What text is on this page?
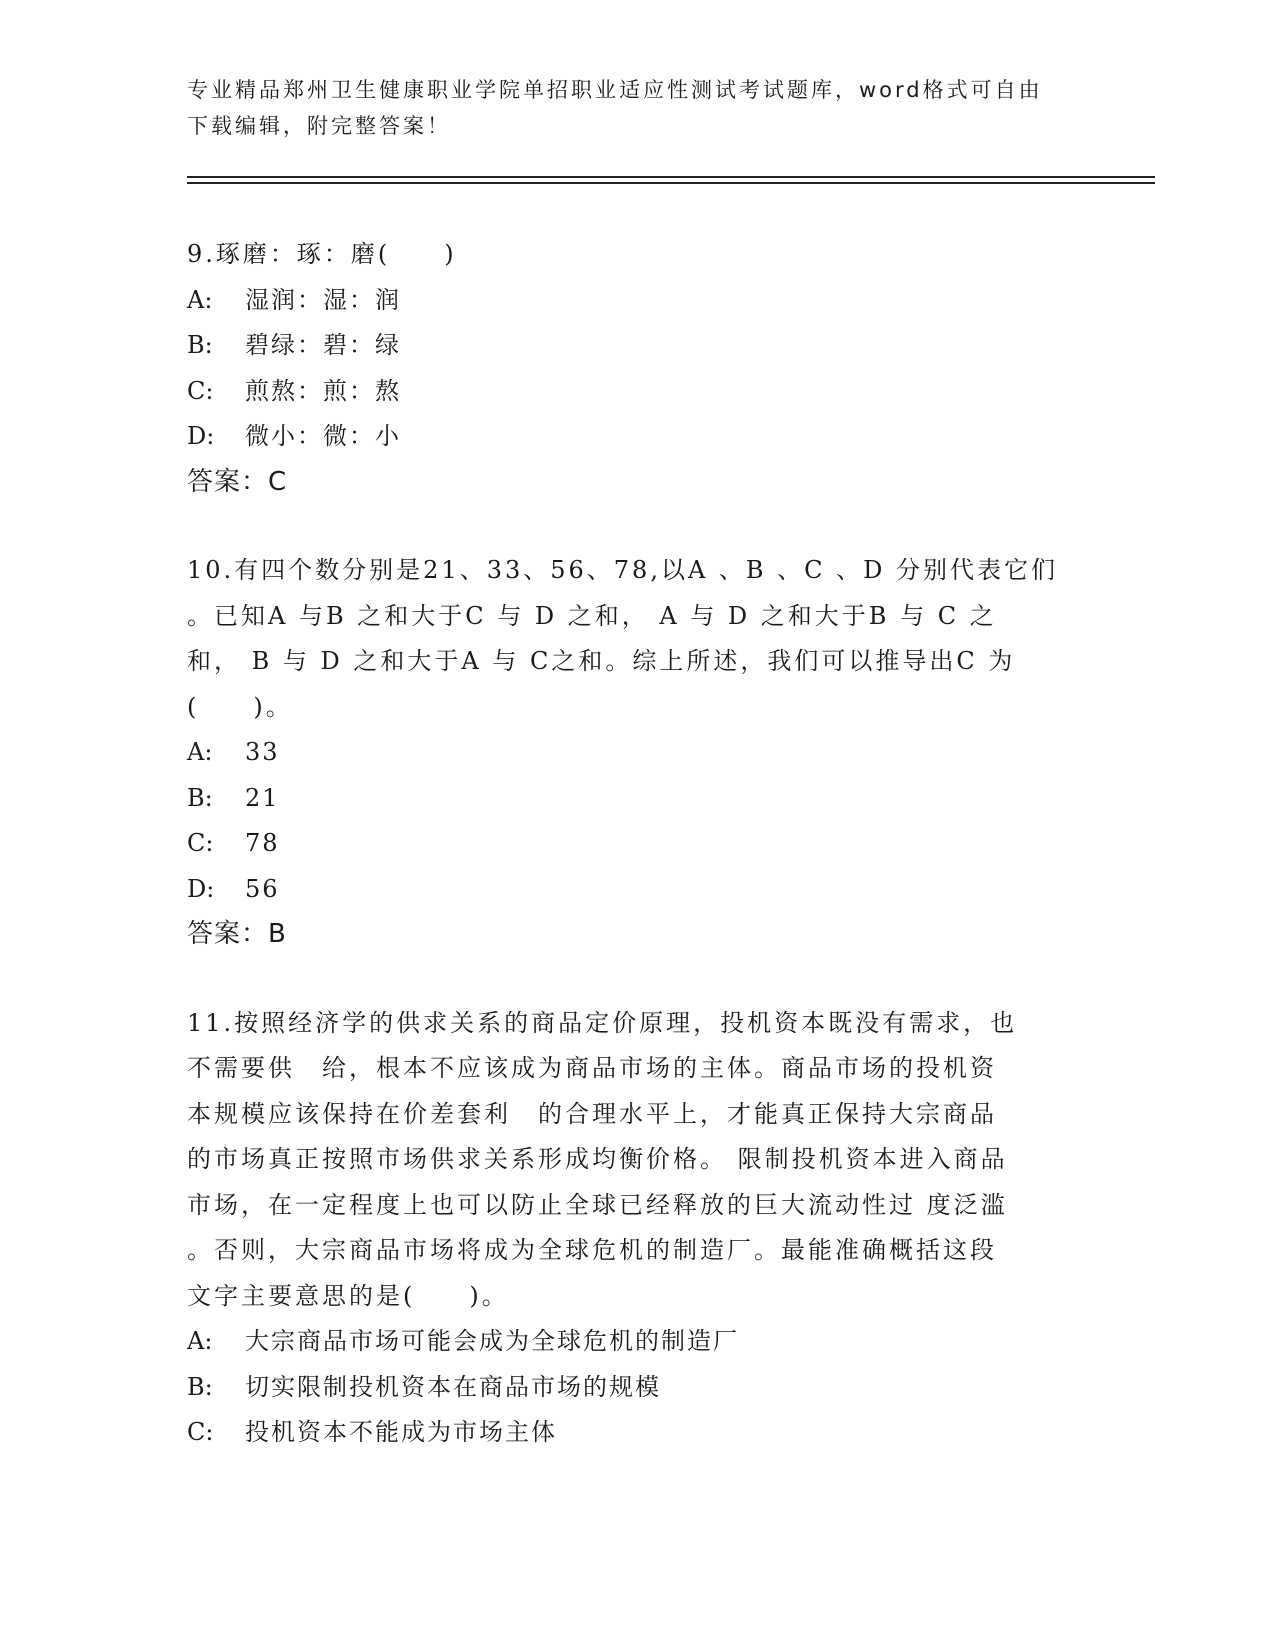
专业精品郑州卫生健康职业学院单招职业适应性测试考试题库，word格式可自由
下载编辑，附完整答案！
9.琢磨：琢：磨(　　)
A: 湿润：湿：润
B: 碧绿：碧：绿
C: 煎熬：煎：熬
D: 微小：微：小
答案：C
10.有四个数分别是21、33、56、78,以A 、B 、C 、D 分别代表它们
。已知A 与B 之和大于C 与 D 之和， A 与 D 之和大于B 与 C 之
和， B 与 D 之和大于A 与 C之和。综上所述，我们可以推导出C 为
(　　)。
A: 33
B: 21
C: 78
D: 56
答案：B
11.按照经济学的供求关系的商品定价原理，投机资本既没有需求，也
不需要供　给，根本不应该成为商品市场的主体。商品市场的投机资
本规模应该保持在价差套利　的合理水平上，才能真正保持大宗商品
的市场真正按照市场供求关系形成均衡价格。 限制投机资本进入商品
市场，在一定程度上也可以防止全球已经释放的巨大流动性过 度泛滥
。否则，大宗商品市场将成为全球危机的制造厂。最能准确概括这段
文字主要意思的是(　　)。
A: 大宗商品市场可能会成为全球危机的制造厂
B: 切实限制投机资本在商品市场的规模
C: 投机资本不能成为市场主体
